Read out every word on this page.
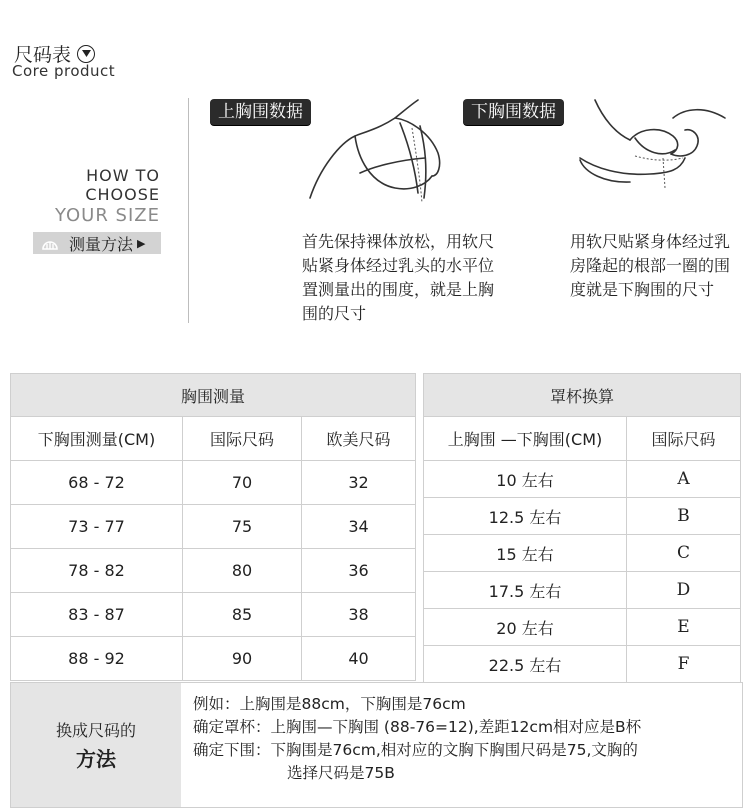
尺码表
Core product
HOW TO
CHOOSE
YOUR SIZE
测量方法 ▶
上胸围数据
首先保持裸体放松，用软尺贴紧身体经过乳头的水平位置测量出的围度，就是上胸围的尺寸
下胸围数据
用软尺贴紧身体经过乳房隆起的根部一圈的围度就是下胸围的尺寸
胸围测量		
下胸围测量(CM)	国际尺码	欧美尺码
68 - 72	70	32
73 - 77	75	34
78 - 82	80	36
83 - 87	85	38
88 - 92	90	40
罩杯换算	
上胸围 —下胸围(CM)	国际尺码
10 左右	A
12.5 左右	B
15 左右	C
17.5 左右	D
20 左右	E
22.5 左右	F
换成尺码的
方法
例如：上胸围是88cm，下胸围是76cm
确定罩杯：上胸围—下胸围 (88-76=12),差距12cm相对应是B杯
确定下围：下胸围是76cm,相对应的文胸下胸围尺码是75,文胸的
选择尺码是75B
